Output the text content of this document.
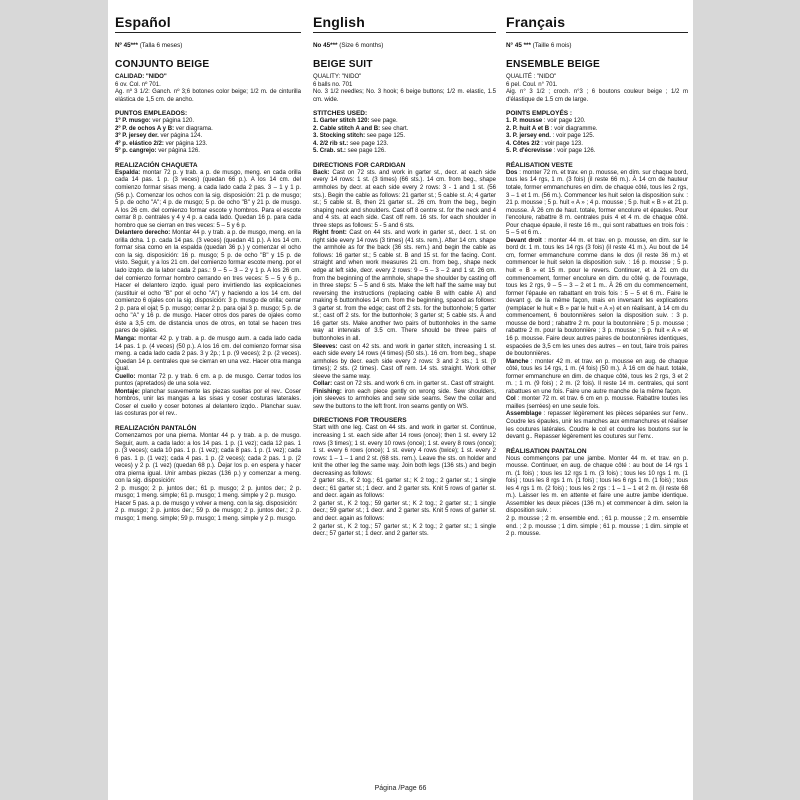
Español
Nº 45*** (Talla 6 meses)
CONJUNTO BEIGE
CALIDAD: "NIDO"
6 ov. Col. nº 701.
Ag. nº 3 1/2: Ganch. nº 3;6 botones color beige; 1/2 m. de cinturilla elástica de 1,5 cm. de ancho.
PUNTOS EMPLEADOS:
1º P. musgo: ver página 120.
2º P. de ochos A y B: ver diagrama.
3º P. jersey der. ver página 124.
4º p. elástico 2/2: ver página 123.
5º p. cangrejo: ver página 126.
REALIZACIÓN CHAQUETA
Espalda: montar 72 p. y trab. a p. de musgo, meng. en cada orilla cada 14 pas. 1 p. (3 veces) (quedan 66 p.). A los 14 cm. del comienzo formar sisas meng. a cada lado cada 2 pas. 3 – 1 y 1 p. (56 p.). Comenzar los ochos con la sig. disposición: 21 p. de musgo; 5 p. de ocho "A"; 4 p. de musgo; 5 p. de ocho "B" y 21 p. de musgo. A los 26 cm. del comienzo formar escote y hombros. Para el escote cerrar 8 p. centrales y 4 y 4 p. a cada lado. Quedan 16 p. para cada hombro que se cierran en tres veces: 5 – 5 y 6 p.
Delantero derecho: Montar 44 p. y trab. a p. de musgo, meng. en la orilla dcha. 1 p. cada 14 pas. (3 veces) (quedan 41 p.). A los 14 cm. formar sisa como en la espalda (quedan 36 p.) y comenzar el ocho con la sig. disposición: 16 p. musgo; 5 p. de ocho "B" y 15 p. de visto. Seguir, y a los 21 cm. del comienzo formar escote meng. por el lado izqdo. de la labor cada 2 pas.: 9 – 5 – 3 – 2 y 1 p. A los 26 cm. del comienzo formar hombro cerrando en tres veces: 5 – 5 y 6 p.. Hacer el delantero izqdo. igual pero invirtiendo las explicaciones (sustituir el ocho "B" por el ocho "A") y haciendo a los 14 cm. del comienzo 6 ojales con la sig. disposición: 3 p. musgo de orilla; cerrar 2 p. para el ojal; 5 p. musgo; cerrar 2 p. para ojal 3 p. musgo; 5 p. de ocho "A" y 16 p. de musgo. Hacer otros dos pares de ojales como éste a 3,5 cm. de distancia unos de otros, en total se hacen tres pares de ojales.
Manga: montar 42 p. y trab. a p. de musgo aum. a cada lado cada 14 pas. 1 p. (4 veces) (50 p.). A los 16 cm. del comienzo formar sisa meng. a cada lado cada 2 pas. 3 y 2p.; 1 p. (9 veces); 2 p. (2 veces). Quedan 14 p. centrales que se cierran en una vez. Hacer otra manga igual.
Cuello: montar 72 p. y trab. 6 cm. a p. de musgo. Cerrar todos los puntos (apretados) de una sola vez.
Montaje: planchar suavemente las piezas sueltas por el rev.. Coser hombros, unir las mangas a las sisas y coser costuras laterales. Coser el cuello y coser botones al delantero izqdo.. Planchar suav. las costuras por el rev..
REALIZACIÓN PANTALÓN
Comenzamos por una pierna. Montar 44 p. y trab. a p. de musgo. Seguir, aum. a cada lado: a los 14 pas. 1 p. (1 vez); cada 12 pas. 1 p. (3 veces); cada 10 pas. 1 p. (1 vez); cada 8 pas. 1 p. (1 vez); cada 6 pas. 1 p. (1 vez); cada 4 pas. 1 p. (2 veces); cada 2 pas. 1 p. (2 veces) y 2 p. (1 vez) (quedan 68 p.). Dejar los p. en espera y hacer otra pierna igual. Unir ambas piezas (136 p.) y comenzar a meng. con la sig. disposición:
2 p. musgo; 2 p. juntos der.; 61 p. musgo; 2 p. juntos der.; 2 p. musgo; 1 meng. simple; 61 p. musgo; 1 meng. simple y 2 p. musgo.
Hacer 5 pas. a p. de musgo y volver a meng. con la sig. disposición:
2 p. musgo; 2 p. juntos der.; 59 p. de musgo; 2 p. juntos der.; 2 p. musgo; 1 meng. simple; 59 p. musgo; 1 meng. simple y 2 p. musgo.
English
No 45*** (Size 6 months)
BEIGE SUIT
QUALITY: "NIDO"
6 balls no. 701
No. 3 1/2 needles; No. 3 hook; 6 beige buttons; 1/2 m. elastic, 1.5 cm. wide.
STITCHES USED:
1. Garter stitch 120: see page.
2. Cable stitch A and B: see chart.
3. Stocking stitch: see page 125.
4. 2/2 rib st.: see page 123.
5. Crab. st.: see page 126.
DIRECTIONS FOR CARDIGAN
Back: Cast on 72 sts. and work in garter st., decr. at each side every 14 rows: 1 st. (3 times) (66 sts.). 14 cm. from beg., shape armholes by decr. at each side every 2 rows: 3 - 1 and 1 st. (56 sts.). Begin the cable as follows: 21 garter st.; 5 cable st. A; 4 garter st.; 5 cable st. B, then 21 garter st.. 26 cm. from the beg., begin shaping neck and shoulders. Cast off 8 centre st. for the neck and 4 and 4 sts. at each side. Cast off rem. 16 sts. for each shoulder in three steps as follows: 5 - 5 and 6 sts.
Right front: Cast on 44 sts. and work in garter st., decr. 1 st. on right side every 14 rows (3 times) (41 sts. rem.). After 14 cm. shape the armhole as for the back (36 sts. rem.) and begin the cable as follows: 16 garter st.; 5 cable st. B and 15 st. for the facing. Cont. straight and when work measures 21 cm. from beg., shape neck edge at left side, decr. every 2 rows: 9 – 5 – 3 – 2 and 1 st. 26 cm. from the beginning of the armhole, shape the shoulder by casting off in three steps: 5 – 5 and 6 sts. Make the left half the same way but reversing the instructions (replacing cable B with cable A) and making 6 buttonholes 14 cm. from the beginning, spaced as follows: 3 garter st. from the edge; cast off 2 sts. for the buttonhole; 5 garter st.; cast off 2 sts. for the buttonhole; 3 garter st; 5 cable sts. A and 16 garter sts. Make another two pairs of buttonholes in the same way at intervals of 3.5 cm. There should be three pairs of buttonholes in all.
Sleeves: cast on 42 sts. and work in garter stitch, increasing 1 st. each side every 14 rows (4 times) (50 sts.). 16 cm. from beg., shape armholes by decr. each side every 2 rows: 3 and 2 sts.; 1 st. (9 times); 2 sts. (2 times). Cast off rem. 14 sts. straight. Work other sleeve the same way.
Collar: cast on 72 sts. and work 6 cm. in garter st.. Cast off straight.
Finishing: iron each piece gently on wrong side. Sew shoulders, join sleeves to armholes and sew side seams. Sew the collar and sew the buttons to the left front. Iron seams gently on WS.
DIRECTIONS FOR TROUSERS
Start with one leg. Cast on 44 sts. and work in garter st. Continue, increasing 1 st. each side after 14 rows (once); then 1 st. every 12 rows (3 times); 1 st. every 10 rows (once); 1 st. every 8 rows (once); 1 st. every 6 rows (once); 1 st. every 4 rows (twice); 1 st. every 2 rows: 1 – 1 – 1 and 2 st. (68 sts. rem.). Leave the sts. on holder and knit the other leg the same way. Join both legs (136 sts.) and begin decreasing as follows:
2 garter sts., K 2 tog.; 61 garter st.; K 2 tog.; 2 garter st.; 1 single decr.; 61 garter st.; 1 decr. and 2 garter sts. Knit 5 rows of garter st. and decr. again as follows:
2 garter st., K 2 tog.; 59 garter st.; K 2 tog.; 2 garter st.; 1 single decr.; 59 garter st.; 1 decr. and 2 garter sts. Knit 5 rows of garter st. and decr. again as follows:
2 garter st., K 2 tog.; 57 garter st.; K 2 tog.; 2 garter st.; 1 single decr.; 57 garter st.; 1 decr. and 2 garter sts.
Français
N° 45 *** (Taille 6 mois)
ENSEMBLE BEIGE
QUALITÉ : "NIDO"
6 pel. Coul. n° 701.
Aig. n° 3 1/2 ; croch. n°3 ; 6 boutons couleur beige ; 1/2 m d'élastique de 1.5 cm de large.
POINTS EMPLOYÉS :
1. P. mousse : voir page 120.
2. P. huit A et B : voir diagramme.
3. P. jersey end. : voir page 125.
4. Côtes 2/2 : voir page 123.
5. P. d'écrevisse : voir page 126.
RÉALISATION VESTE
Dos : monter 72 m. et trav. en p. mousse, en dim. sur chaque bord, tous les 14 rgs, 1 m. (3 fois) (il reste 66 m.). À 14 cm de hauteur totale, former emmanchures en dim. de chaque côté, tous les 2 rgs, 3 – 1 et 1 m. (56 m.). Commencer les huit selon la disposition suiv. : 21 p. mousse ; 5 p. huit « A » ; 4 p. mousse ; 5 p. huit « B » et 21 p. mousse. À 26 cm de haut. totale, former encolure et épaules. Pour l'encolure, rabattre 8 m. centrales puis 4 et 4 m. de chaque côté. Pour chaque épaule, il reste 16 m., qui sont rabattues en trois fois : 5 – 5 et 6 m..
Devant droit : monter 44 m. et trav. en p. mousse, en dim. sur le bord dr. 1 m. tous les 14 rgs (3 fois) (il reste 41 m.). Au bout de 14 cm, former emmanchure comme dans le dos (il reste 36 m.) et commencer le huit selon la disposition suiv. : 16 p. mousse ; 5 p. huit « B » et 15 m. pour le revers. Continuer, et à 21 cm du commencement, former encolure en dim. du côté g. de l'ouvrage, tous les 2 rgs, 9 – 5 – 3 – 2 et 1 m.. À 26 cm du commencement, former l'épaule en rabattant en trois fois : 5 – 5 et 6 m.. Faire le devant g. de la même façon, mais en inversant les explications (remplacer le huit « B » par le huit « A ») et en réalisant, à 14 cm du commencement, 6 boutonnières selon la disposition suiv. : 3 p. mousse de bord ; rabattre 2 m. pour la boutonnière ; 5 p. mousse ; rabattre 2 m. pour la boutonnière ; 3 p. mousse ; 5 p. huit « A » et 16 p. mousse. Faire deux autres paires de boutonnières identiques, espacées de 3,5 cm les unes des autres – en tout, faire trois paires de boutonnières.
Manche : monter 42 m. et trav. en p. mousse en aug. de chaque côté, tous les 14 rgs, 1 m. (4 fois) (50 m.). À 16 cm de haut. totale, former emmanchure en dim. de chaque côté, tous les 2 rgs, 3 et 2 m. ; 1 m. (9 fois) ; 2 m. (2 fois). Il reste 14 m. centrales, qui sont rabattues en une fois. Faire une autre manche de la même façon.
Col : monter 72 m. et trav. 6 cm en p. mousse. Rabattre toutes les mailles (serrées) en une seule fois.
Assemblage : repasser légèrement les pièces séparées sur l'env.. Coudre les épaules, unir les manches aux emmanchures et réaliser les coutures latérales. Coudre le col et coudre les boutons sur le devant g.. Repasser légèrement les coutures sur l'env..
RÉALISATION PANTALON
Nous commençons par une jambe. Monter 44 m. et trav. en p. mousse. Continuer, en aug. de chaque côté : au bout de 14 rgs 1 m. (1 fois) ; tous les 12 rgs 1 m. (3 fois) ; tous les 10 rgs 1 m. (1 fois) ; tous les 8 rgs 1 m. (1 fois) ; tous les 6 rgs 1 m. (1 fois) ; tous les 4 rgs 1 m. (2 fois) ; tous les 2 rgs : 1 – 1 – 1 et 2 m. (il reste 68 m.). Laisser les m. en attente et faire une autre jambe identique. Assembler les deux pièces (136 m.) et commencer à dim. selon la disposition suiv. :
2 p. mousse ; 2 m. ensemble end. ; 61 p. mousse ; 2 m. ensemble end. ; 2 p. mousse ; 1 dim. simple ; 61 p. mousse ; 1 dim. simple et 2 p. mousse.
Página /Page 66
